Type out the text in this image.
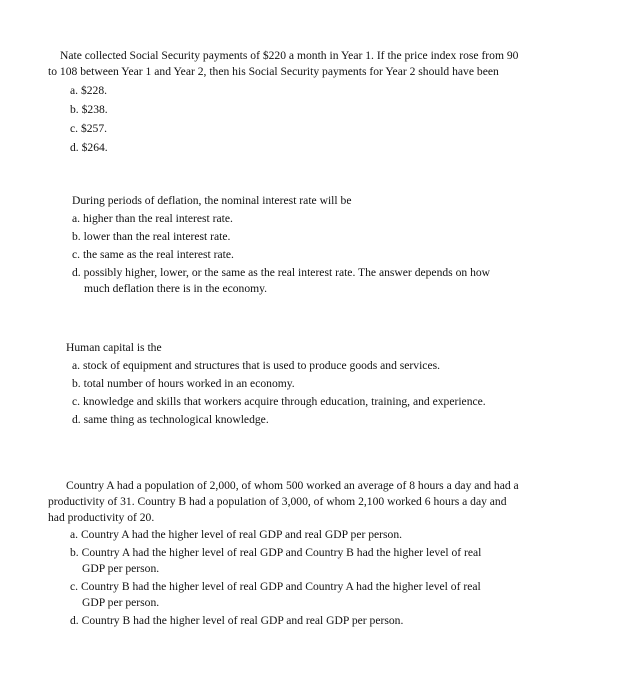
Nate collected Social Security payments of $220 a month in Year 1. If the price index rose from 90
to 108 between Year 1 and Year 2, then his Social Security payments for Year 2 should have been
a. $228.
b. $238.
c. $257.
d. $264.
During periods of deflation, the nominal interest rate will be
a. higher than the real interest rate.
b. lower than the real interest rate.
c. the same as the real interest rate.
d. possibly higher, lower, or the same as the real interest rate. The answer depends on how
much deflation there is in the economy.
Human capital is the
a. stock of equipment and structures that is used to produce goods and services.
b. total number of hours worked in an economy.
c. knowledge and skills that workers acquire through education, training, and experience.
d. same thing as technological knowledge.
Country A had a population of 2,000, of whom 500 worked an average of 8 hours a day and had a
productivity of 31. Country B had a population of 3,000, of whom 2,100 worked 6 hours a day and
had productivity of 20.
a. Country A had the higher level of real GDP and real GDP per person.
b. Country A had the higher level of real GDP and Country B had the higher level of real
GDP per person.
c. Country B had the higher level of real GDP and Country A had the higher level of real
GDP per person.
d. Country B had the higher level of real GDP and real GDP per person.
